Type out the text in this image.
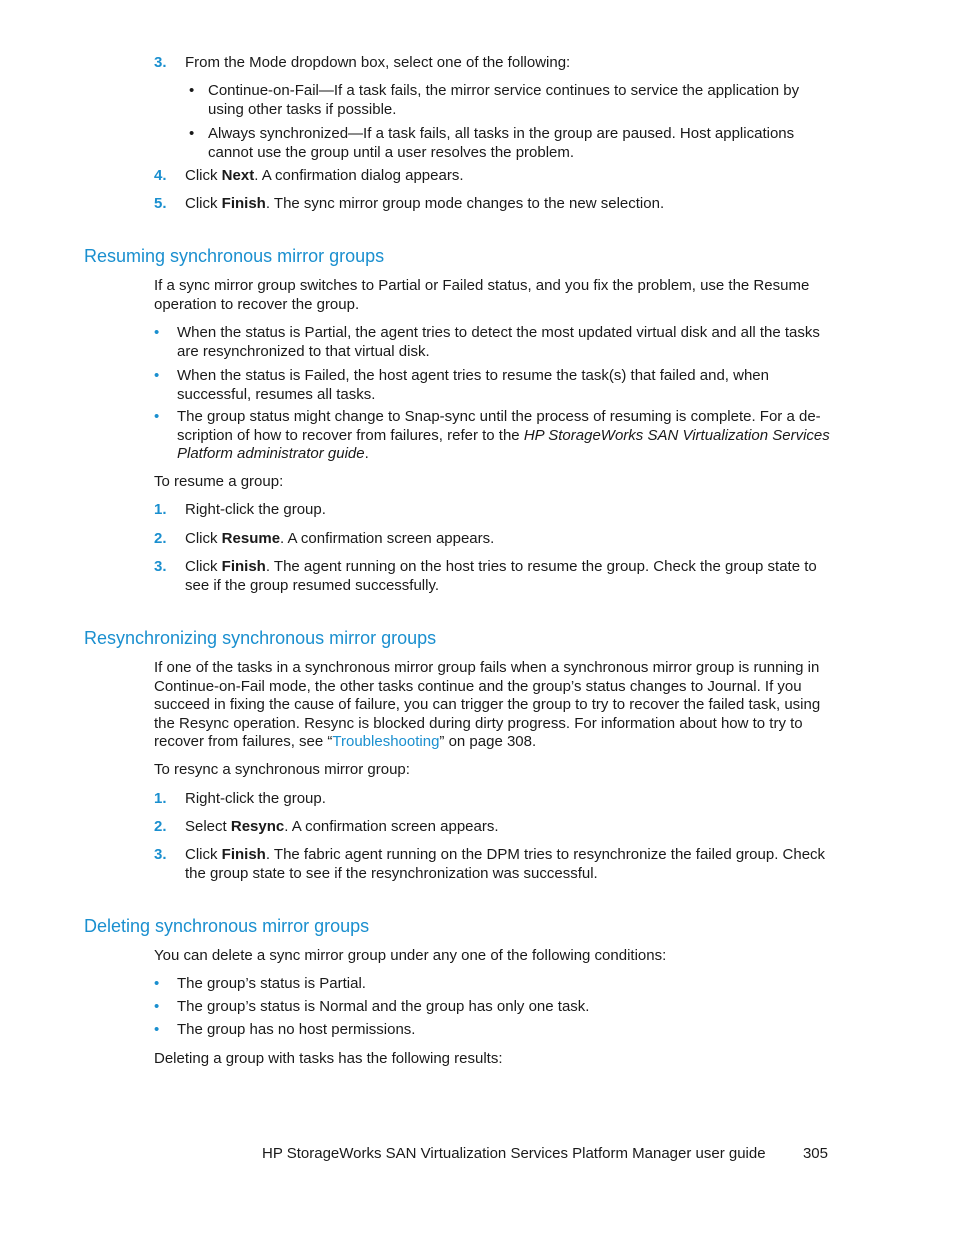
3. From the Mode dropdown box, select one of the following:
• Continue-on-Fail—If a task fails, the mirror service continues to service the application by using other tasks if possible.
• Always synchronized—If a task fails, all tasks in the group are paused. Host applications cannot use the group until a user resolves the problem.
4. Click Next. A confirmation dialog appears.
5. Click Finish. The sync mirror group mode changes to the new selection.
Resuming synchronous mirror groups
If a sync mirror group switches to Partial or Failed status, and you fix the problem, use the Resume operation to recover the group.
• When the status is Partial, the agent tries to detect the most updated virtual disk and all the tasks are resynchronized to that virtual disk.
• When the status is Failed, the host agent tries to resume the task(s) that failed and, when successful, resumes all tasks.
• The group status might change to Snap-sync until the process of resuming is complete. For a de-scription of how to recover from failures, refer to the HP StorageWorks SAN Virtualization Services Platform administrator guide.
To resume a group:
1. Right-click the group.
2. Click Resume. A confirmation screen appears.
3. Click Finish. The agent running on the host tries to resume the group. Check the group state to see if the group resumed successfully.
Resynchronizing synchronous mirror groups
If one of the tasks in a synchronous mirror group fails when a synchronous mirror group is running in Continue-on-Fail mode, the other tasks continue and the group’s status changes to Journal. If you succeed in fixing the cause of failure, you can trigger the group to try to recover the failed task, using the Resync operation. Resync is blocked during dirty progress. For information about how to try to recover from failures, see “Troubleshooting” on page 308.
To resync a synchronous mirror group:
1. Right-click the group.
2. Select Resync. A confirmation screen appears.
3. Click Finish. The fabric agent running on the DPM tries to resynchronize the failed group. Check the group state to see if the resynchronization was successful.
Deleting synchronous mirror groups
You can delete a sync mirror group under any one of the following conditions:
• The group’s status is Partial.
• The group’s status is Normal and the group has only one task.
• The group has no host permissions.
Deleting a group with tasks has the following results:
HP StorageWorks SAN Virtualization Services Platform Manager user guide 305
